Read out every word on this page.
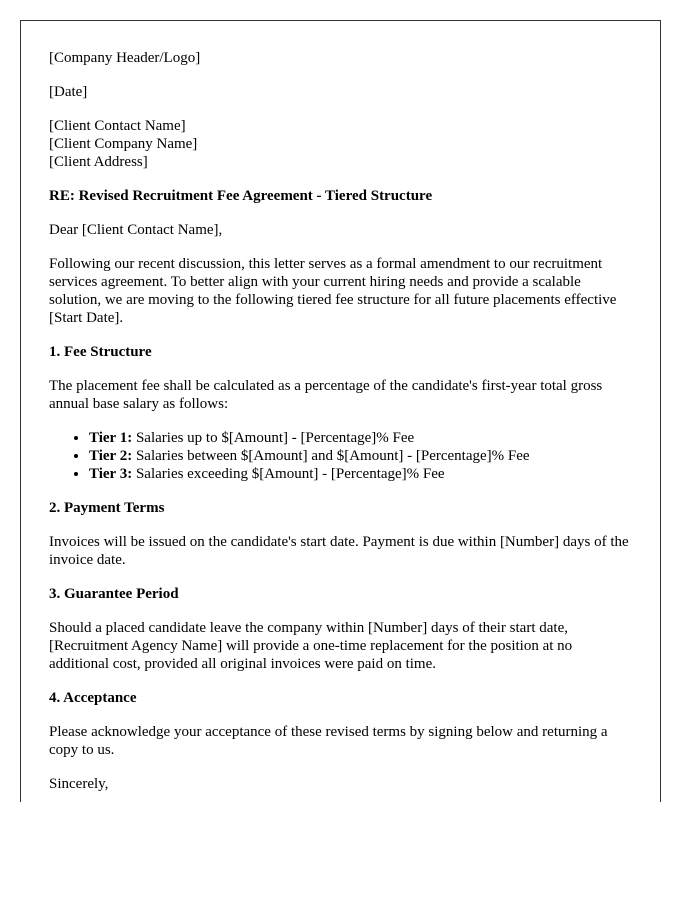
[Company Header/Logo]

[Date]

[Client Contact Name]
[Client Company Name]
[Client Address]

RE: Revised Recruitment Fee Agreement - Tiered Structure

Dear [Client Contact Name],

Following our recent discussion, this letter serves as a formal amendment to our recruitment services agreement. To better align with your current hiring needs and provide a scalable solution, we are moving to the following tiered fee structure for all future placements effective [Start Date].

1. Fee Structure

The placement fee shall be calculated as a percentage of the candidate's first-year total gross annual base salary as follows:

• Tier 1: Salaries up to $[Amount] - [Percentage]% Fee
• Tier 2: Salaries between $[Amount] and $[Amount] - [Percentage]% Fee
• Tier 3: Salaries exceeding $[Amount] - [Percentage]% Fee

2. Payment Terms

Invoices will be issued on the candidate's start date. Payment is due within [Number] days of the invoice date.

3. Guarantee Period

Should a placed candidate leave the company within [Number] days of their start date, [Recruitment Agency Name] will provide a one-time replacement for the position at no additional cost, provided all original invoices were paid on time.

4. Acceptance

Please acknowledge your acceptance of these revised terms by signing below and returning a copy to us.

Sincerely,
